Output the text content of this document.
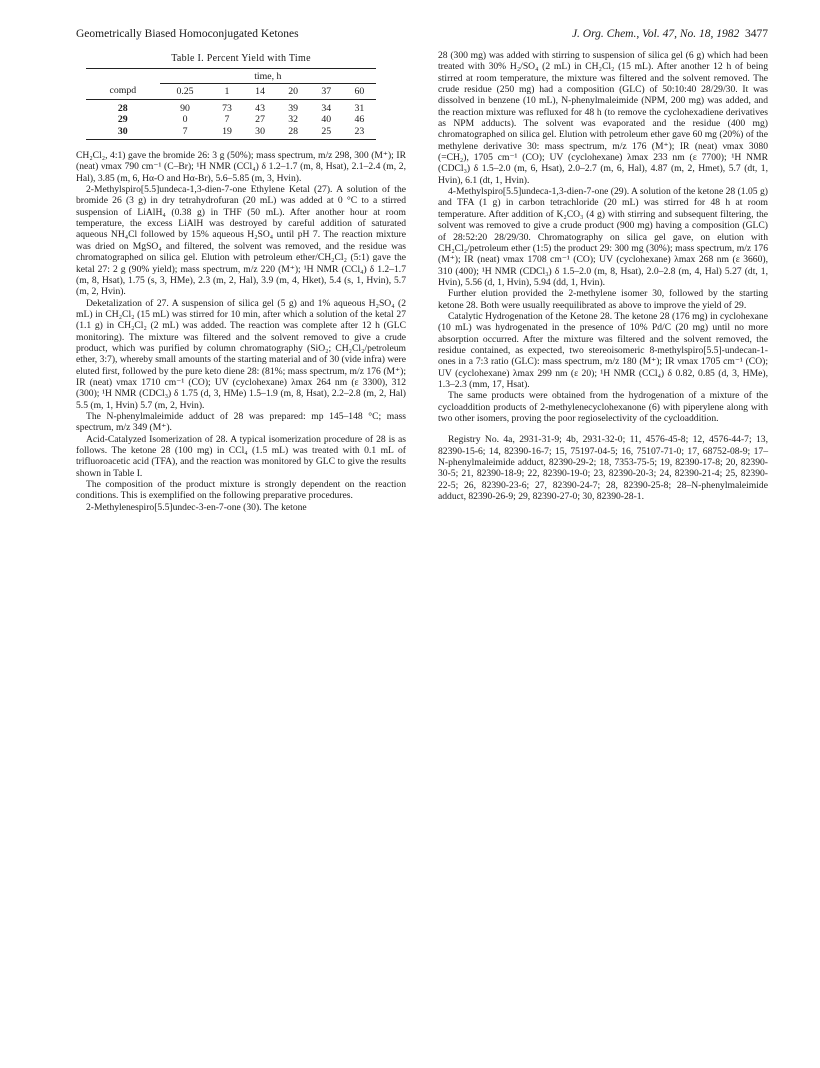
Geometrically Biased Homoconjugated Ketones	J. Org. Chem., Vol. 47, No. 18, 1982 3477
Table I. Percent Yield with Time
	time, h					
compd	0.25	1	14	20	37	60
28	90	73	43	39	34	31
29	0	7	27	32	40	46
30	7	19	30	28	25	23

CH₂Cl₂, 4:1) gave the bromide 26: 3 g (50%); mass spectrum, m/z 298, 300 (M⁺); IR (neat) νmax 790 cm⁻¹ (C–Br); ¹H NMR (CCl₄) δ 1.2–1.7 (m, 8, Hsat), 2.1–2.4 (m, 2, Hal), 3.85 (m, 6, Hα-O and Hα-Br), 5.6–5.85 (m, 3, Hvin).

2-Methylspiro[5.5]undeca-1,3-dien-7-one Ethylene Ketal (27). A solution of the bromide 26 (3 g) in dry tetrahydrofuran (20 mL) was added at 0 °C to a stirred suspension of LiAlH₄ (0.38 g) in THF (50 mL). After another hour at room temperature, the excess LiAlH was destroyed by careful addition of saturated aqueous NH₄Cl followed by 15% aqueous H₂SO₄ until pH 7. The reaction mixture was dried on MgSO₄ and filtered, the solvent was removed, and the residue was chromatographed on silica gel. Elution with petroleum ether/CH₂Cl₂ (5:1) gave the ketal 27: 2 g (90% yield); mass spectrum, m/z 220 (M⁺); ¹H NMR (CCl₄) δ 1.2–1.7 (m, 8, Hsat), 1.75 (s, 3, HMe), 2.3 (m, 2, Hal), 3.9 (m, 4, Hket), 5.4 (s, 1, Hvin), 5.7 (m, 2, Hvin).

Deketalization of 27. A suspension of silica gel (5 g) and 1% aqueous H₂SO₄ (2 mL) in CH₂Cl₂ (15 mL) was stirred for 10 min, after which a solution of the ketal 27 (1.1 g) in CH₂Cl₂ (2 mL) was added. The reaction was complete after 12 h (GLC monitoring). The mixture was filtered and the solvent removed to give a crude product, which was purified by column chromatography (SiO₂; CH₂Cl₂/petroleum ether, 3:7), whereby small amounts of the starting material and of 30 (vide infra) were eluted first, followed by the pure keto diene 28: (81%; mass spectrum, m/z 176 (M⁺); IR (neat) νmax 1710 cm⁻¹ (CO); UV (cyclohexane) λmax 264 nm (ε 3300), 312 (300); ¹H NMR (CDCl₃) δ 1.75 (d, 3, HMe) 1.5–1.9 (m, 8, Hsat), 2.2–2.8 (m, 2, Hal) 5.5 (m, 1, Hvin) 5.7 (m, 2, Hvin).

The N-phenylmaleimide adduct of 28 was prepared: mp 145–148 °C; mass spectrum, m/z 349 (M⁺).

Acid-Catalyzed Isomerization of 28. A typical isomerization procedure of 28 is as follows. The ketone 28 (100 mg) in CCl₄ (1.5 mL) was treated with 0.1 mL of trifluoroacetic acid (TFA), and the reaction was monitored by GLC to give the results shown in Table I.

The composition of the product mixture is strongly dependent on the reaction conditions. This is exemplified on the following preparative procedures.

2-Methylenespiro[5.5]undec-3-en-7-one (30). The ketone

28 (300 mg) was added with stirring to suspension of silica gel (6 g) which had been treated with 30% H₂/SO₄ (2 mL) in CH₂Cl₂ (15 mL). After another 12 h of being stirred at room temperature, the mixture was filtered and the solvent removed. The crude residue (250 mg) had a composition (GLC) of 50:10:40 28/29/30. It was dissolved in benzene (10 mL), N-phenylmaleimide (NPM, 200 mg) was added, and the reaction mixture was refluxed for 48 h (to remove the cyclohexadiene derivatives as NPM adducts). The solvent was evaporated and the residue (400 mg) chromatographed on silica gel. Elution with petroleum ether gave 60 mg (20%) of the methylene derivative 30: mass spectrum, m/z 176 (M⁺); IR (neat) νmax 3080 (=CH₂), 1705 cm⁻¹ (CO); UV (cyclohexane) λmax 233 nm (ε 7700); ¹H NMR (CDCl₃) δ 1.5–2.0 (m, 6, Hsat), 2.0–2.7 (m, 6, Hal), 4.87 (m, 2, Hmet), 5.7 (dt, 1, Hvin), 6.1 (dt, 1, Hvin).

4-Methylspiro[5.5]undeca-1,3-dien-7-one (29). A solution of the ketone 28 (1.05 g) and TFA (1 g) in carbon tetrachloride (20 mL) was stirred for 48 h at room temperature. After addition of K₂CO₃ (4 g) with stirring and subsequent filtering, the solvent was removed to give a crude product (900 mg) having a composition (GLC) of 28:52:20 28/29/30. Chromatography on silica gel gave, on elution with CH₂Cl₂/petroleum ether (1:5) the product 29: 300 mg (30%); mass spectrum, m/z 176 (M⁺); IR (neat) νmax 1708 cm⁻¹ (CO); UV (cyclohexane) λmax 268 nm (ε 3660), 310 (400); ¹H NMR (CDCl₃) δ 1.5–2.0 (m, 8, Hsat), 2.0–2.8 (m, 4, Hal) 5.27 (dt, 1, Hvin), 5.56 (d, 1, Hvin), 5.94 (dd, 1, Hvin).

Further elution provided the 2-methylene isomer 30, followed by the starting ketone 28. Both were usually reequilibrated as above to improve the yield of 29.

Catalytic Hydrogenation of the Ketone 28. The ketone 28 (176 mg) in cyclohexane (10 mL) was hydrogenated in the presence of 10% Pd/C (20 mg) until no more absorption occurred. After the mixture was filtered and the solvent removed, the residue contained, as expected, two stereoisomeric 8-methylspiro[5.5]-undecan-1-ones in a 7:3 ratio (GLC): mass spectrum, m/z 180 (M⁺); IR νmax 1705 cm⁻¹ (CO); UV (cyclohexane) λmax 299 nm (ε 20); ¹H NMR (CCl₄) δ 0.82, 0.85 (d, 3, HMe), 1.3–2.3 (mm, 17, Hsat).

The same products were obtained from the hydrogenation of a mixture of the cycloaddition products of 2-methylenecyclohexanone (6) with piperylene along with two other isomers, proving the poor regioselectivity of the cycloaddition.

Registry No. 4a, 2931-31-9; 4b, 2931-32-0; 11, 4576-45-8; 12, 4576-44-7; 13, 82390-15-6; 14, 82390-16-7; 15, 75197-04-5; 16, 75107-71-0; 17, 68752-08-9; 17–N-phenylmaleimide adduct, 82390-29-2; 18, 7353-75-5; 19, 82390-17-8; 20, 82390-30-5; 21, 82390-18-9; 22, 82390-19-0; 23, 82390-20-3; 24, 82390-21-4; 25, 82390-22-5; 26, 82390-23-6; 27, 82390-24-7; 28, 82390-25-8; 28–N-phenylmaleimide adduct, 82390-26-9; 29, 82390-27-0; 30, 82390-28-1.
